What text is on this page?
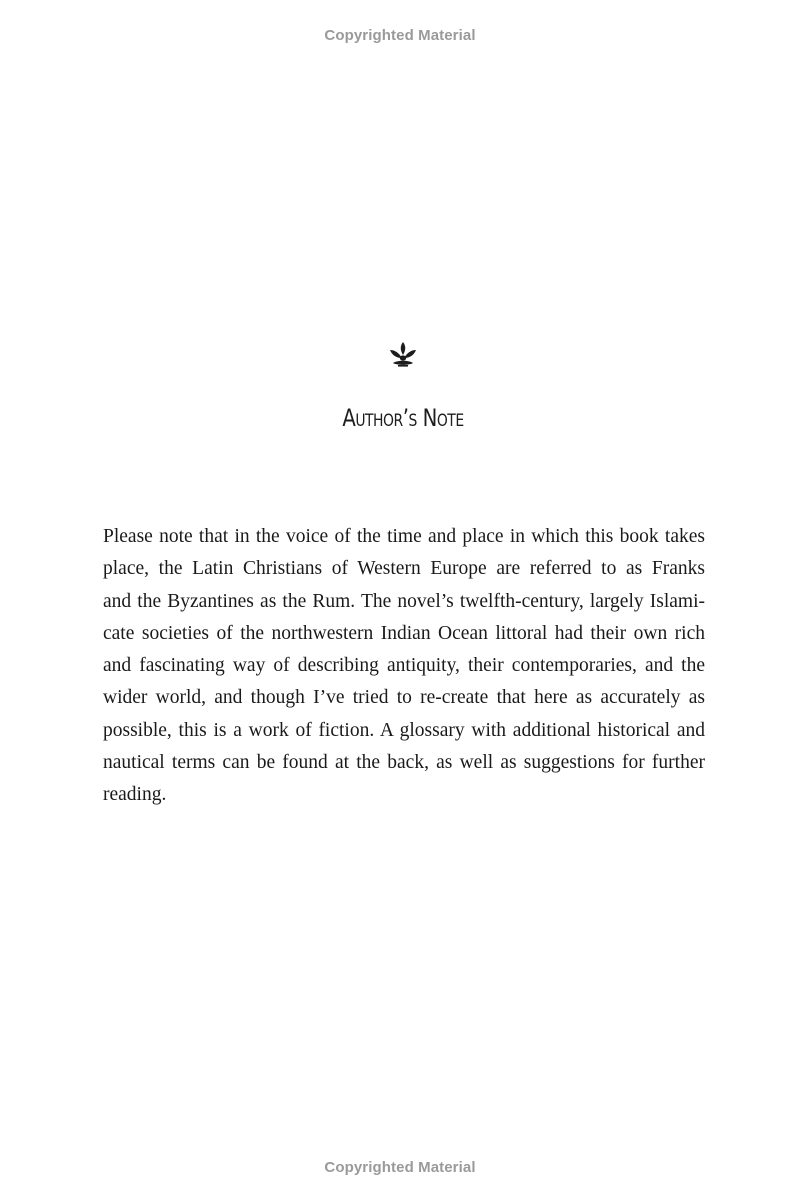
Copyrighted Material
Author’s Note
Please note that in the voice of the time and place in which this book takes
place, the Latin Christians of Western Europe are referred to as Franks
and the Byzantines as the Rum. The novel’s twelfth-century, largely Islami-
cate societies of the northwestern Indian Ocean littoral had their own rich
and fascinating way of describing antiquity, their contemporaries, and the
wider world, and though I’ve tried to re-create that here as accurately as
possible, this is a work of fiction. A glossary with additional historical and
nautical terms can be found at the back, as well as suggestions for further
reading.
Copyrighted Material
